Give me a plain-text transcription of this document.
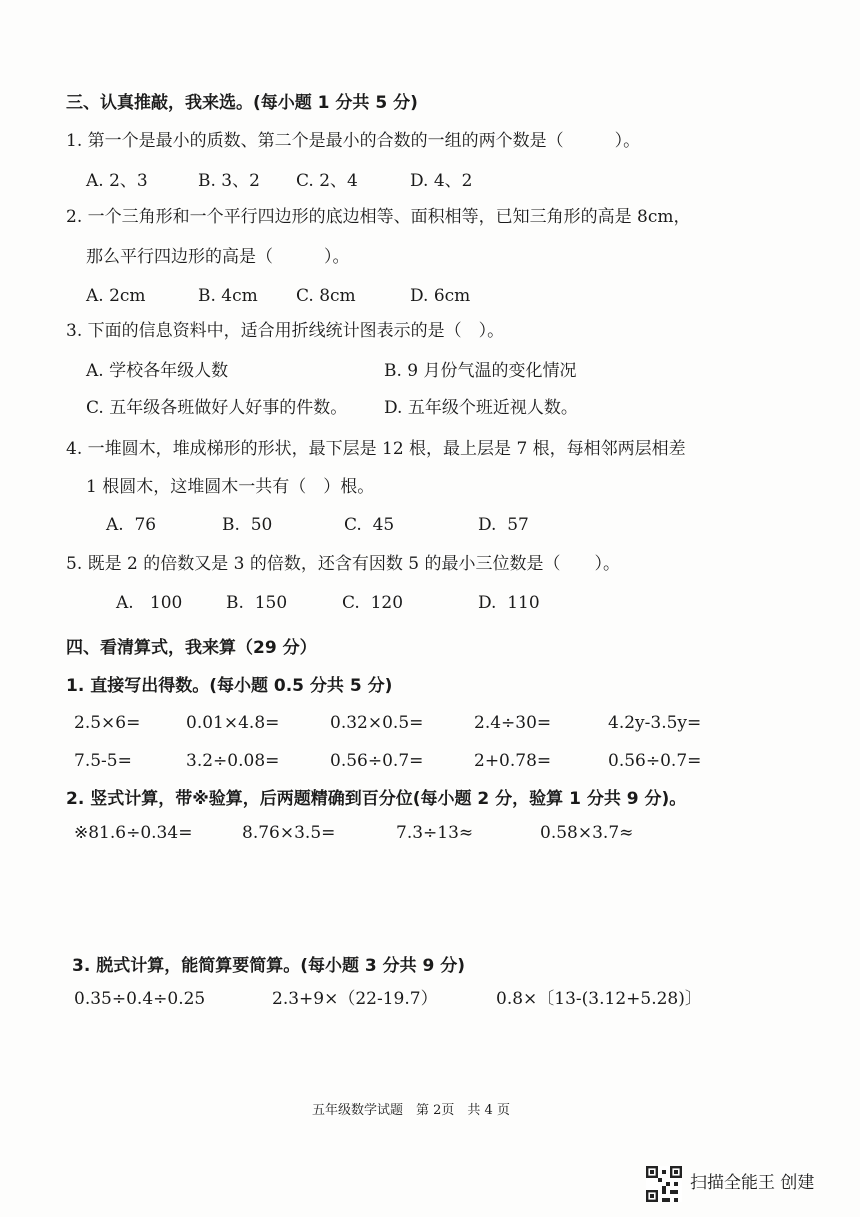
三、认真推敲，我来选。(每小题 1 分共 5 分)
1. 第一个是最小的质数、第二个是最小的合数的一组的两个数是（　　　）。
A. 2、3	B. 3、2 C. 2、4	D. 4、2
2. 一个三角形和一个平行四边形的底边相等、面积相等，已知三角形的高是 8cm，
那么平行四边形的高是（　　　）。
A. 2cm	B. 4cm C. 8cm	D. 6cm
3. 下面的信息资料中，适合用折线统计图表示的是（　）。
A. 学校各年级人数	B. 9 月份气温的变化情况
C. 五年级各班做好人好事的件数。 D. 五年级个班近视人数。
4. 一堆圆木，堆成梯形的形状，最下层是 12 根，最上层是 7 根，每相邻两层相差
1 根圆木，这堆圆木一共有（　）根。
A.  76	B.  50	C.  45	D.  57
5. 既是 2 的倍数又是 3 的倍数，还含有因数 5 的最小三位数是（　　）。
A.   100	B.  150	C.  120	D.  110
四、看清算式，我来算（29 分）
1. 直接写出得数。(每小题 0.5 分共 5 分)
2.5×6=	0.01×4.8=	0.32×0.5=	2.4÷30=	4.2y-3.5y=
7.5-5=	3.2÷0.08=	0.56÷0.7=	2+0.78=	0.56÷0.7=
2. 竖式计算，带※验算，后两题精确到百分位(每小题 2 分，验算 1 分共 9 分)。
※81.6÷0.34=	8.76×3.5=	7.3÷13≈	0.58×3.7≈
3. 脱式计算，能简算要简算。(每小题 3 分共 9 分)
0.35÷0.4÷0.25	2.3+9×（22-19.7）	0.8×〔13-(3.12+5.28)〕
五年级数学试题　第 2页　共 4 页
扫描全能王 创建
